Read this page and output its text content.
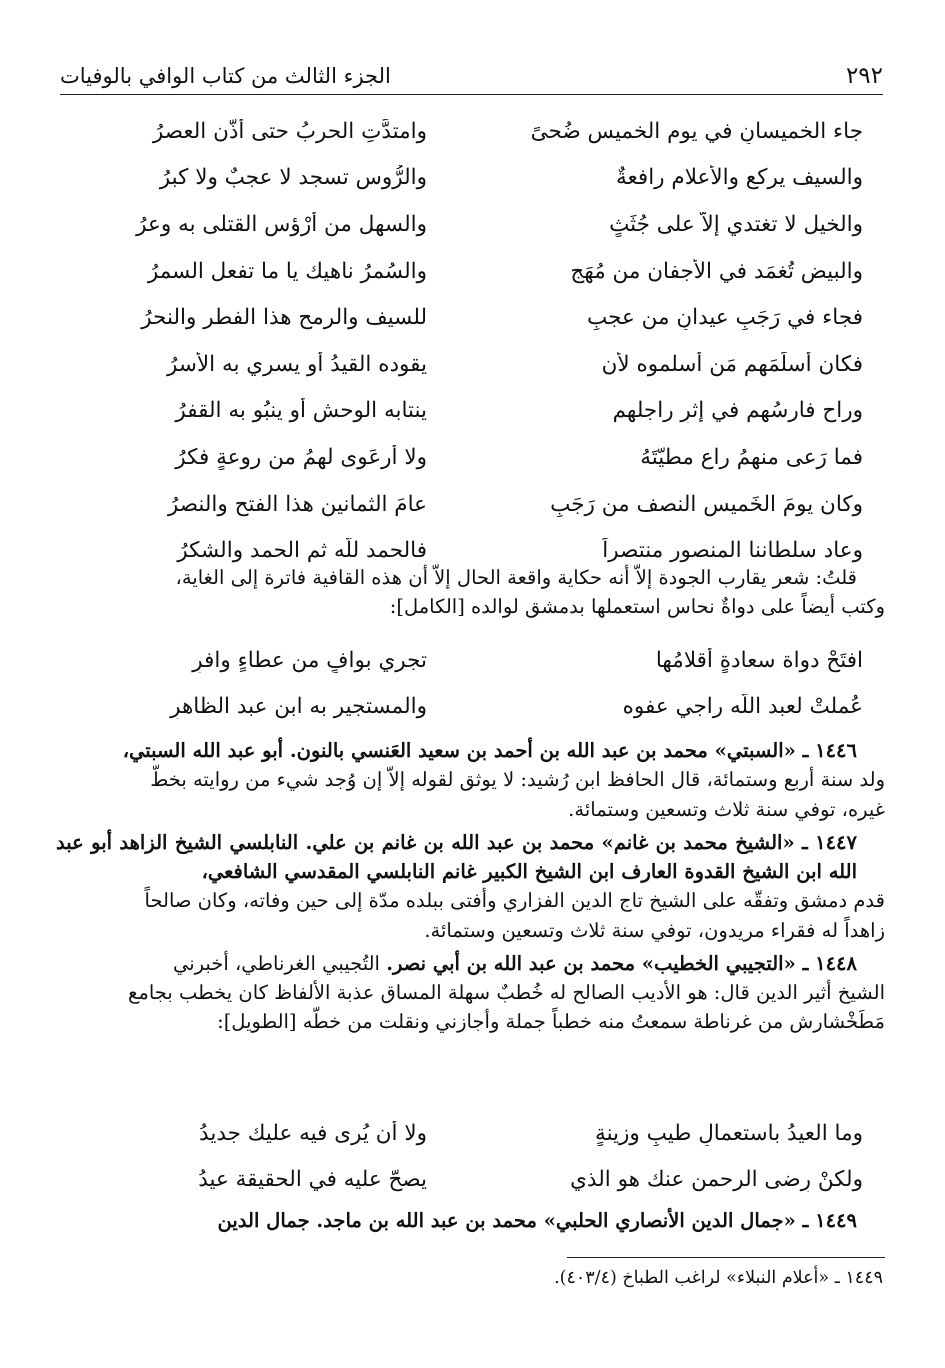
٢٩٢
الجزء الثالث من كتاب الوافي بالوفيات
جاء الخميسانِ في يوم الخميس ضُحىً
وامتدَّتِ الحربُ حتى أُذّن العصرُ
والسيف يركع والأعلام رافعةٌ
والرُّوس تسجد لا عجبٌ ولا كبرُ
والخيل لا تغتدي إلاّ على جُثَثٍ
والسهل من أرْؤسِ القتلى به وعرُ
والبيض تُغمَد في الأجفان من مُهَجٍ
والسُمرُ ناهيك يا ما تفعل السمرُ
فجاء في رَجَبٍ عيدانِ من عجبٍ
للسيف والرمح هذا الفطر والنحرُ
فكان أسلَمَهم مَن أسلموه لأن
يقوده القيدُ أو يسري به الأسرُ
وراح فارسُهم في إثرِ راجلهم
ينتابه الوحش أو ينبُو به القفرُ
فما رَعى منهمُ راعٍ مطيّتَهُ
ولا أرعَوى لهمُ من روعةٍ فكرُ
وكان يومَ الخَميس النصف من رَجَبٍ
عامَ الثمانين هذا الفتح والنصرُ
وعاد سلطاننا المنصور منتصراً
فالحمد للّه ثم الحمد والشكرُ
قلتُ: شعر يقارب الجودة إلاّ أنه حكاية واقعة الحال إلاّ أن هذه القافية فاترة إلى الغاية،
وكتب أيضاً على دواةٌ نحاس استعملها بدمشق لوالده [الكامل]:
افتَحْ دواة سعادةٍ أقلامُها
تجري بوافٍ من عطاءٍ وافرِ
عُملتْ لعبد اللّه راجي عفوه
والمستجير به ابن عبد الظاهرِ
١٤٤٦ ـ «السبتي» محمد بن عبد الله بن أحمد بن سعيد العَنسي بالنون. أبو عبد الله السبتي،
ولد سنة أربع وستمائة، قال الحافظ ابن رُشيد: لا يوثق لقوله إلاّ إن وُجد شيء من روايته بخطّ
غيره، توفي سنة ثلاث وتسعين وستمائة.
١٤٤٧ ـ «الشيخ محمد بن غانم» محمد بن عبد الله بن غانم بن علي. النابلسي الشيخ الزاهد أبو عبد الله ابن الشيخ القدوة العارف ابن الشيخ الكبير غانم النابلسي المقدسي الشافعي،
قدم دمشق وتفقّه على الشيخ تاج الدين الفزاري وأفتى ببلده مدّة إلى حين وفاته، وكان صالحاً
زاهداً له فقراء مريدون، توفي سنة ثلاث وتسعين وستمائة.
١٤٤٨ ـ «التجيبي الخطيب» محمد بن عبد الله بن أبي نصر. التُجيبي الغرناطي، أخبرني
الشيخ أثير الدين قال: هو الأديب الصالح له خُطبٌ سهلة المساق عذبة الألفاظ كان يخطب بجامع
مَطَخْشارش من غرناطة سمعتُ منه خطباً جملة وأجازني ونقلت من خطّه [الطويل]:
وما العيدُ باستعمالِ طيبٍ وزينةٍ
ولا أن يُرى فيه عليك جديدُ
ولكنْ رِضى الرحمن عنك هو الذي
يصحّ عليه في الحقيقة عيدُ
١٤٤٩ ـ «جمال الدين الأنصاري الحلبي» محمد بن عبد الله بن ماجد. جمال الدين
١٤٤٩ ـ «أعلام النبلاء» لراغب الطباخ (٤٠٣/٤).
